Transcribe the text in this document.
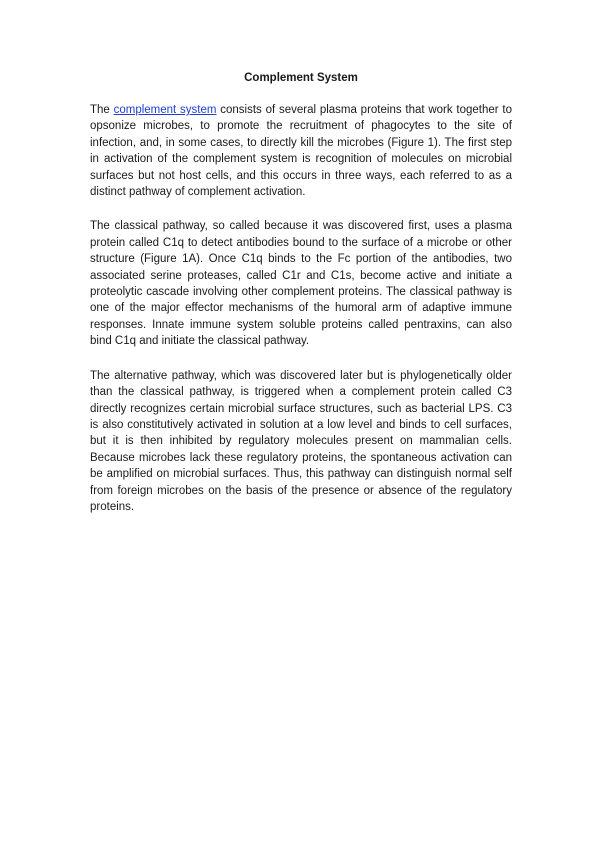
Complement System

The complement system consists of several plasma proteins that work together to opsonize microbes, to promote the recruitment of phagocytes to the site of infection, and, in some cases, to directly kill the microbes (Figure 1). The first step in activation of the complement system is recognition of molecules on microbial surfaces but not host cells, and this occurs in three ways, each referred to as a distinct pathway of complement activation.

The classical pathway, so called because it was discovered first, uses a plasma protein called C1q to detect antibodies bound to the surface of a microbe or other structure (Figure 1A). Once C1q binds to the Fc portion of the antibodies, two associated serine proteases, called C1r and C1s, become active and initiate a proteolytic cascade involving other complement proteins. The classical pathway is one of the major effector mechanisms of the humoral arm of adaptive immune responses. Innate immune system soluble proteins called pentraxins, can also bind C1q and initiate the classical pathway.

The alternative pathway, which was discovered later but is phylogenetically older than the classical pathway, is triggered when a complement protein called C3 directly recognizes certain microbial surface structures, such as bacterial LPS. C3 is also constitutively activated in solution at a low level and binds to cell surfaces, but it is then inhibited by regulatory molecules present on mammalian cells. Because microbes lack these regulatory proteins, the spontaneous activation can be amplified on microbial surfaces. Thus, this pathway can distinguish normal self from foreign microbes on the basis of the presence or absence of the regulatory proteins.
